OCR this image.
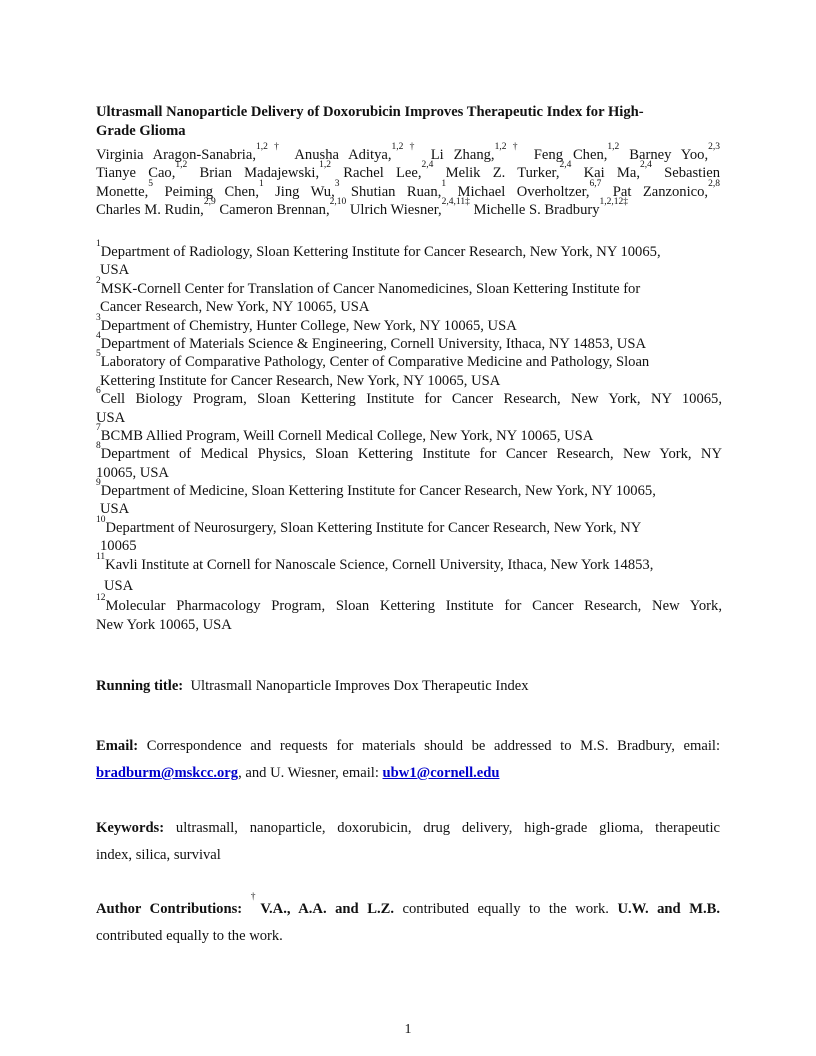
Ultrasmall Nanoparticle Delivery of Doxorubicin Improves Therapeutic Index for High-
Grade Glioma
Virginia Aragon-Sanabria,$^{1,2\dagger}$ Anusha Aditya,$^{1,2\dagger}$ Li Zhang,$^{1,2\dagger}$ Feng Chen,$^{1,2}$ Barney Yoo,$^{2,3}$
Tianye Cao,$^{1,2}$ Brian Madajewski,$^{1,2}$ Rachel Lee,$^{2,4}$ Melik Z. Turker,$^{2,4}$ Kai Ma,$^{2,4}$ Sebastien
Monette,$^5$ Peiming Chen,$^1$ Jing Wu,$^3$ Shutian Ruan,$^1$ Michael Overholtzer,$^{6,7}$ Pat Zanzonico,$^{2,8}$
Charles M. Rudin,$^{2,9}$ Cameron Brennan,$^{2,10}$ Ulrich Wiesner,$^{2,4,11\ddagger}$ Michelle S. Bradbury$^{1,2,12\ddagger}$
$^1$Department of Radiology, Sloan Kettering Institute for Cancer Research, New York, NY 10065,
USA
$^2$MSK-Cornell Center for Translation of Cancer Nanomedicines, Sloan Kettering Institute for
Cancer Research, New York, NY 10065, USA
$^3$Department of Chemistry, Hunter College, New York, NY 10065, USA
$^4$Department of Materials Science & Engineering, Cornell University, Ithaca, NY 14853, USA
$^5$Laboratory of Comparative Pathology, Center of Comparative Medicine and Pathology, Sloan
Kettering Institute for Cancer Research, New York, NY 10065, USA
$^6$Cell Biology Program, Sloan Kettering Institute for Cancer Research, New York, NY 10065,
USA
$^7$BCMB Allied Program, Weill Cornell Medical College, New York, NY 10065, USA
$^8$Department of Medical Physics, Sloan Kettering Institute for Cancer Research, New York, NY
10065, USA
$^9$Department of Medicine, Sloan Kettering Institute for Cancer Research, New York, NY 10065,
USA
$^{10}$Department of Neurosurgery, Sloan Kettering Institute for Cancer Research, New York, NY
10065
$^{11}$Kavli Institute at Cornell for Nanoscale Science, Cornell University, Ithaca, New York 14853,
USA
$^{12}$Molecular Pharmacology Program, Sloan Kettering Institute for Cancer Research, New York,
New York 10065, USA
Running title: Ultrasmall Nanoparticle Improves Dox Therapeutic Index
Email: Correspondence and requests for materials should be addressed to M.S. Bradbury, email:
bradburm@mskcc.org, and U. Wiesner, email: ubw1@cornell.edu
Keywords: ultrasmall, nanoparticle, doxorubicin, drug delivery, high-grade glioma, therapeutic
index, silica, survival
Author Contributions: †V.A., A.A. and L.Z. contributed equally to the work. U.W. and M.B.
contributed equally to the work.
1
